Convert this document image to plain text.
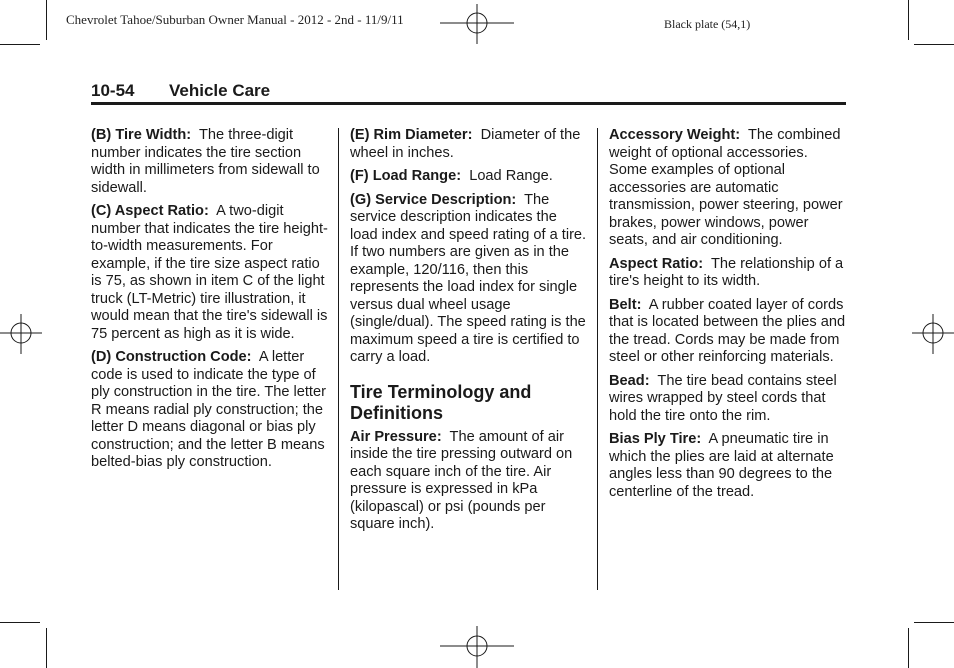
Chevrolet Tahoe/Suburban Owner Manual - 2012 - 2nd - 11/9/11	Black plate (54,1)
10-54 Vehicle Care

(B) Tire Width: The three-digit number indicates the tire section width in millimeters from sidewall to sidewall.

(C) Aspect Ratio: A two-digit number that indicates the tire height-to-width measurements. For example, if the tire size aspect ratio is 75, as shown in item C of the light truck (LT-Metric) tire illustration, it would mean that the tire's sidewall is 75 percent as high as it is wide.

(D) Construction Code: A letter code is used to indicate the type of ply construction in the tire. The letter R means radial ply construction; the letter D means diagonal or bias ply construction; and the letter B means belted-bias ply construction.

(E) Rim Diameter: Diameter of the wheel in inches.

(F) Load Range: Load Range.

(G) Service Description: The service description indicates the load index and speed rating of a tire. If two numbers are given as in the example, 120/116, then this represents the load index for single versus dual wheel usage (single/dual). The speed rating is the maximum speed a tire is certified to carry a load.

Tire Terminology and Definitions

Air Pressure: The amount of air inside the tire pressing outward on each square inch of the tire. Air pressure is expressed in kPa (kilopascal) or psi (pounds per square inch).

Accessory Weight: The combined weight of optional accessories. Some examples of optional accessories are automatic transmission, power steering, power brakes, power windows, power seats, and air conditioning.

Aspect Ratio: The relationship of a tire's height to its width.

Belt: A rubber coated layer of cords that is located between the plies and the tread. Cords may be made from steel or other reinforcing materials.

Bead: The tire bead contains steel wires wrapped by steel cords that hold the tire onto the rim.

Bias Ply Tire: A pneumatic tire in which the plies are laid at alternate angles less than 90 degrees to the centerline of the tread.
